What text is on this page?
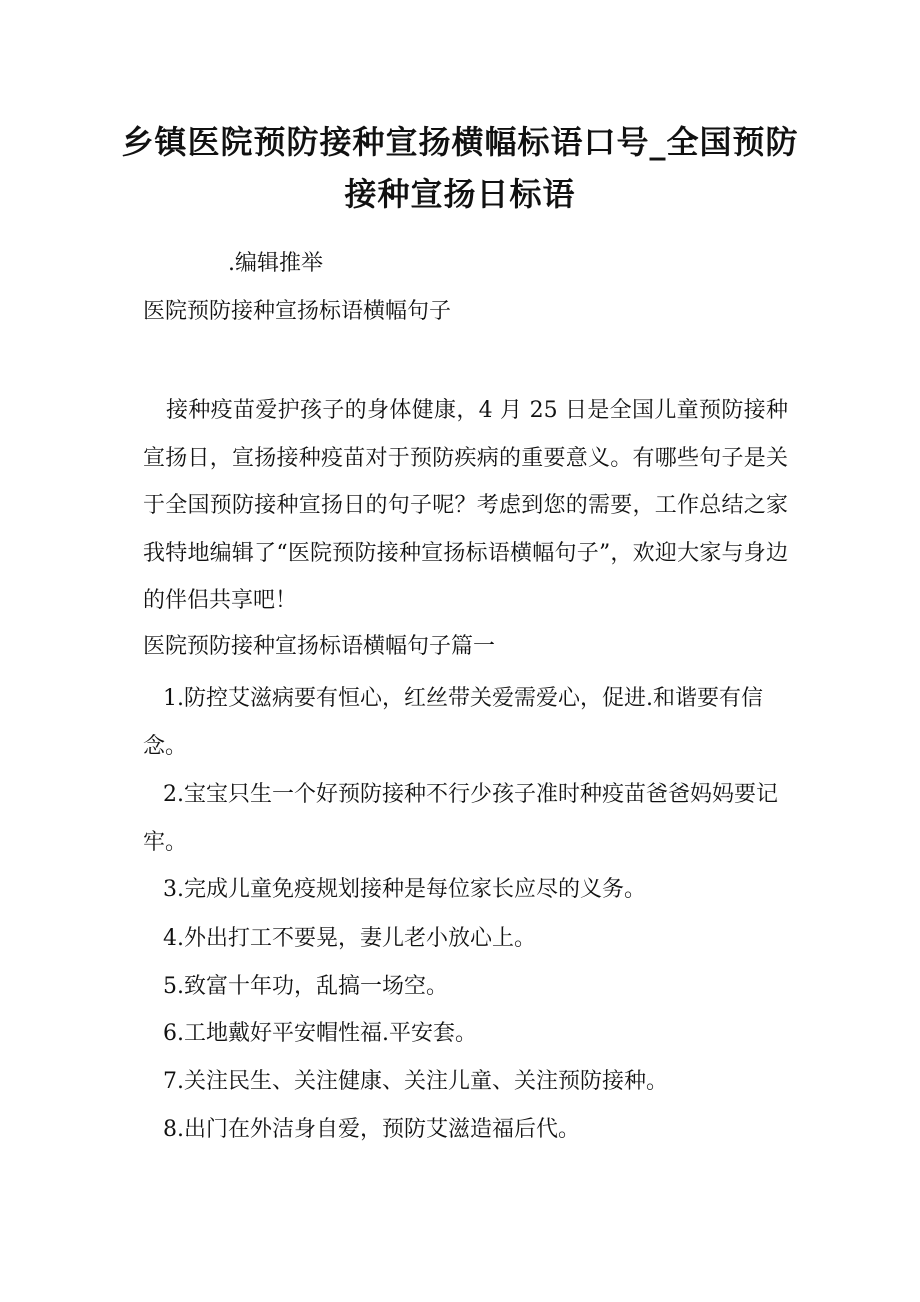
乡镇医院预防接种宣扬横幅标语口号_全国预防接种宣扬日标语

.编辑推举

医院预防接种宣扬标语横幅句子

接种疫苗爱护孩子的身体健康，4 月 25 日是全国儿童预防接种宣扬日，宣扬接种疫苗对于预防疾病的重要意义。有哪些句子是关于全国预防接种宣扬日的句子呢？考虑到您的需要，工作总结之家我特地编辑了“医院预防接种宣扬标语横幅句子”，欢迎大家与身边的伴侣共享吧！

医院预防接种宣扬标语横幅句子篇一

1.防控艾滋病要有恒心，红丝带关爱需爱心，促进.和谐要有信念。

2.宝宝只生一个好预防接种不行少孩子准时种疫苗爸爸妈妈要记牢。

3.完成儿童免疫规划接种是每位家长应尽的义务。

4.外出打工不要晃，妻儿老小放心上。

5.致富十年功，乱搞一场空。

6.工地戴好平安帽性福.平安套。

7.关注民生、关注健康、关注儿童、关注预防接种。

8.出门在外洁身自爱，预防艾滋造福后代。
